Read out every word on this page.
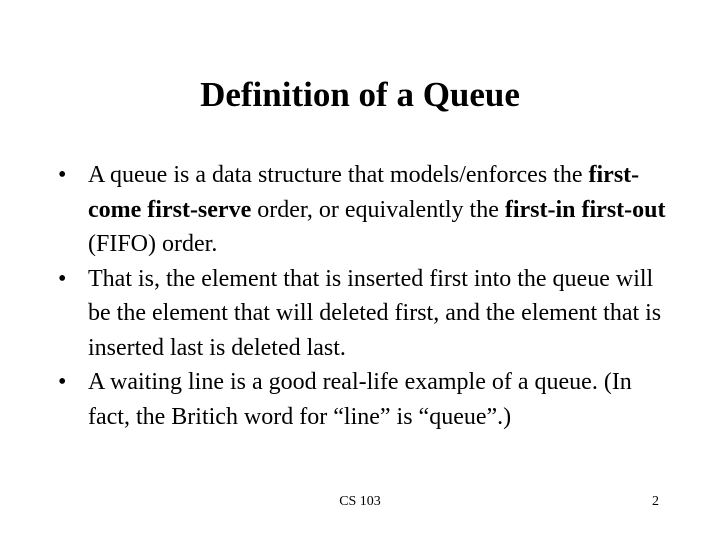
Definition of a Queue
• A queue is a data structure that models/enforces the first-come first-serve order, or equivalently the first-in first-out (FIFO) order.
• That is, the element that is inserted first into the queue will be the element that will deleted first, and the element that is inserted last is deleted last.
• A waiting line is a good real-life example of a queue. (In fact, the Britich word for “line” is “queue”.)
CS 103	2
